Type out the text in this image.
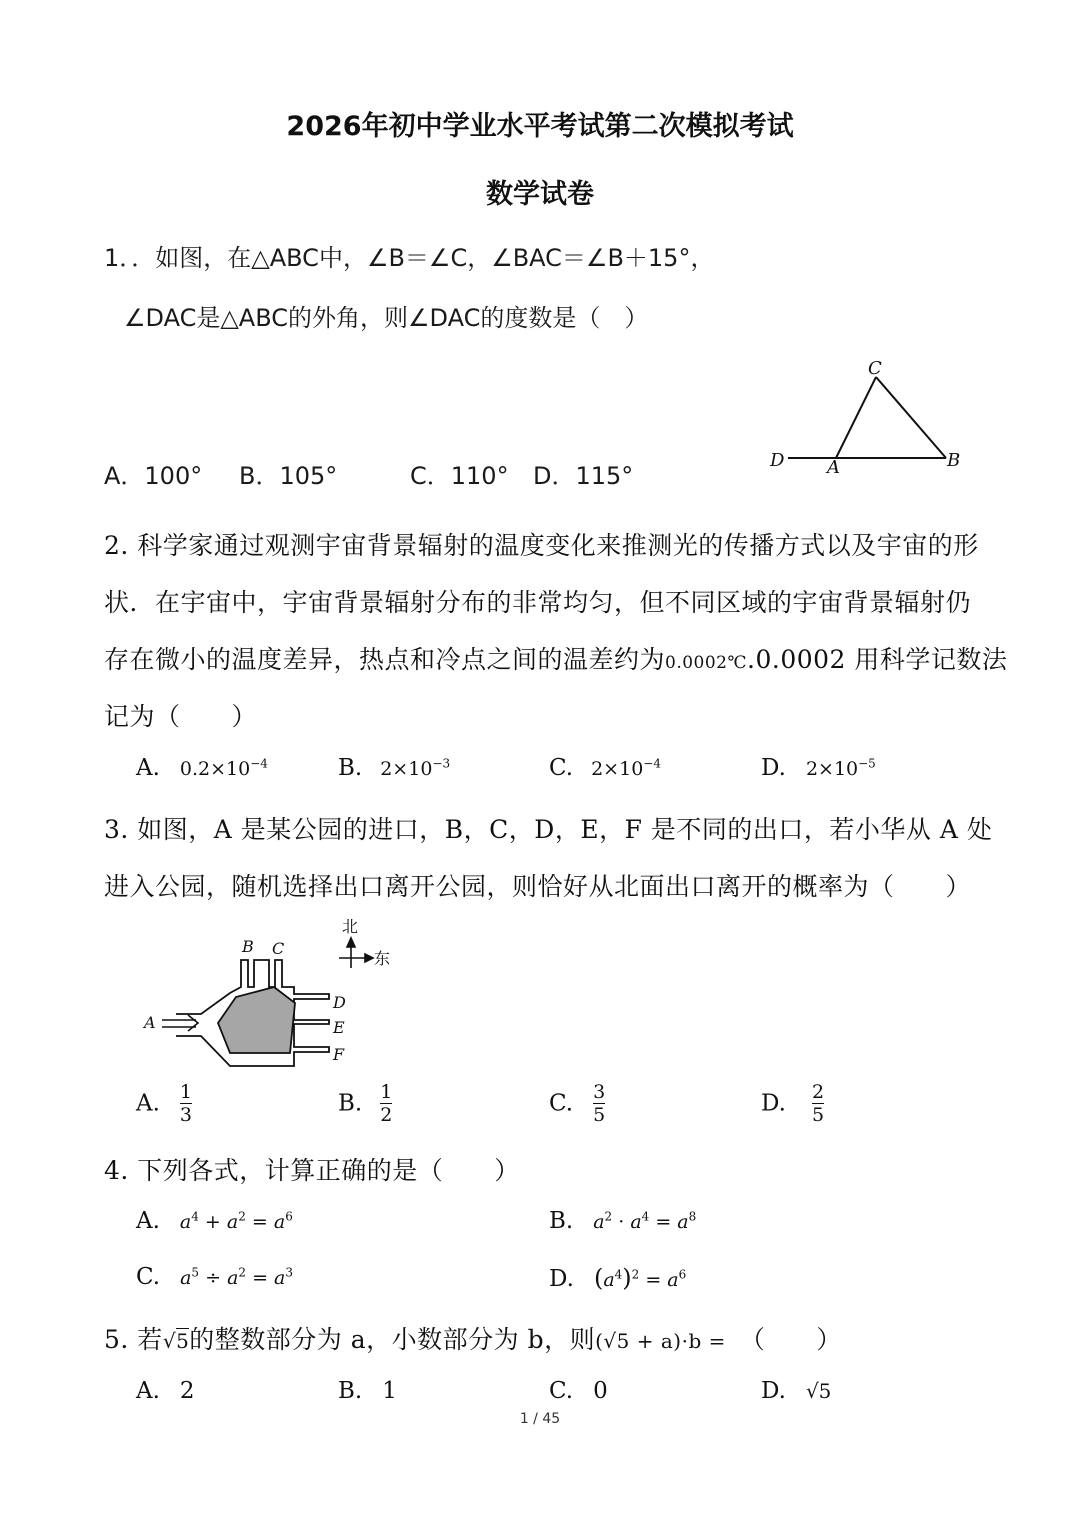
2026年初中学业水平考试第二次模拟考试
数学试卷
1．．如图，在△ABC中，∠B＝∠C，∠BAC＝∠B＋15°，
∠DAC是△ABC的外角，则∠DAC的度数是（　）
A．100° B．105°	C．110° D．115°
C
D A	B
2. 科学家通过观测宇宙背景辐射的温度变化来推测光的传播方式以及宇宙的形
状．在宇宙中，宇宙背景辐射分布的非常均匀，但不同区域的宇宙背景辐射仍
存在微小的温度差异，热点和冷点之间的温差约为0.0002℃.0.0002 用科学记数法
记为（　　）
A. $0.2\times 10^{-4}$	B. $2\times 10^{-3}$	C. $2\times 10^{-4}$	D. $2\times 10^{-5}$
3. 如图，A 是某公园的进口，B，C，D，E，F 是不同的出口，若小华从 A 处
进入公园，随机选择出口离开公园，则恰好从北面出口离开的概率为（　　）
北
东
A
B C
D
E
F
A. $\frac{1}{3}$	B. $\frac{1}{2}$	C. $\frac{3}{5}$	D. $\frac{2}{5}$
4. 下列各式，计算正确的是（　　）
A. $a^4 + a^2 = a^6$	B. $a^2 \cdot a^4 = a^8$
C. $a^5 \div a^2 = a^3$	D. $(a^4)^2 = a^6$
5. 若√5的整数部分为 a，小数部分为 b，则(√5 + a)·b = （　　）
A. 2	B. 1	C. 0	D. √5
1 / 45
